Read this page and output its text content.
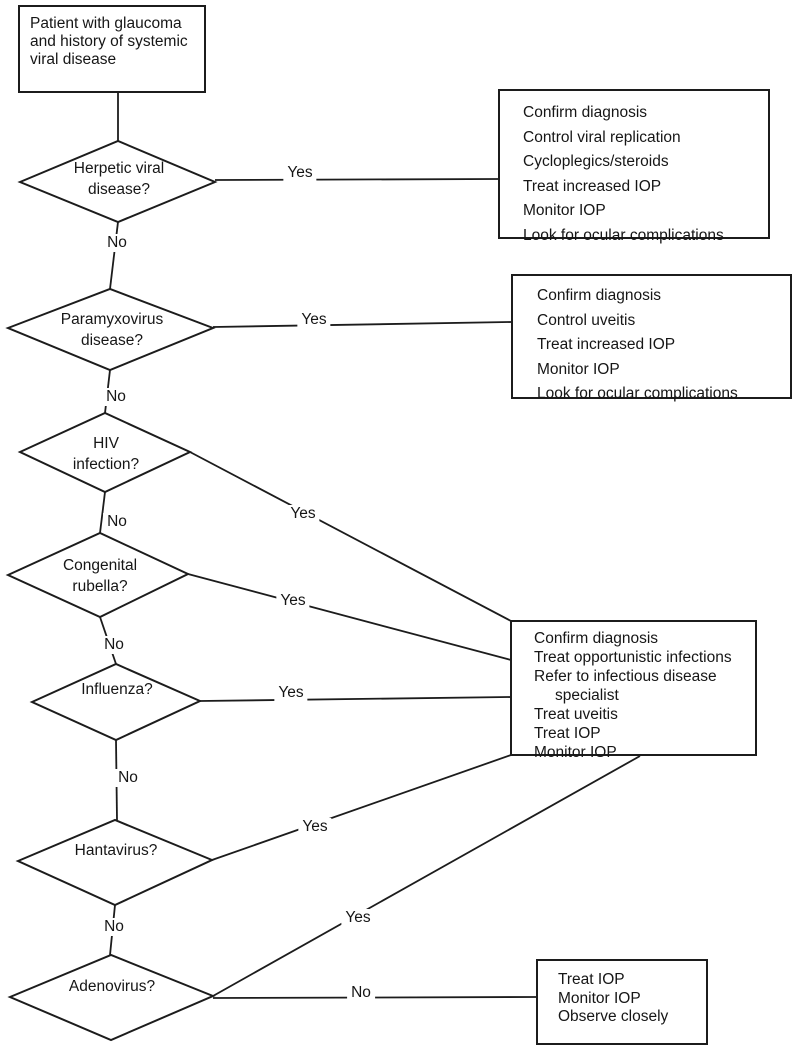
Patient with glaucoma and history of systemic viral disease
Herpetic viral
disease?
Paramyxovirus
disease?
HIV
infection?
Congenital
rubella?
Influenza?
Hantavirus?
Adenovirus?
Yes
No
Yes
No
Yes
No
Yes
No
Yes
No
Yes
No
Yes
No
Confirm diagnosis
Control viral replication
Cycloplegics/steroids
Treat increased IOP
Monitor IOP
Look for ocular complications
Confirm diagnosis
Control uveitis
Treat increased IOP
Monitor IOP
Look for ocular complications
Confirm diagnosis
Treat opportunistic infections
Refer to infectious disease
specialist
Treat uveitis
Treat IOP
Monitor IOP
Treat IOP
Monitor IOP
Observe closely
